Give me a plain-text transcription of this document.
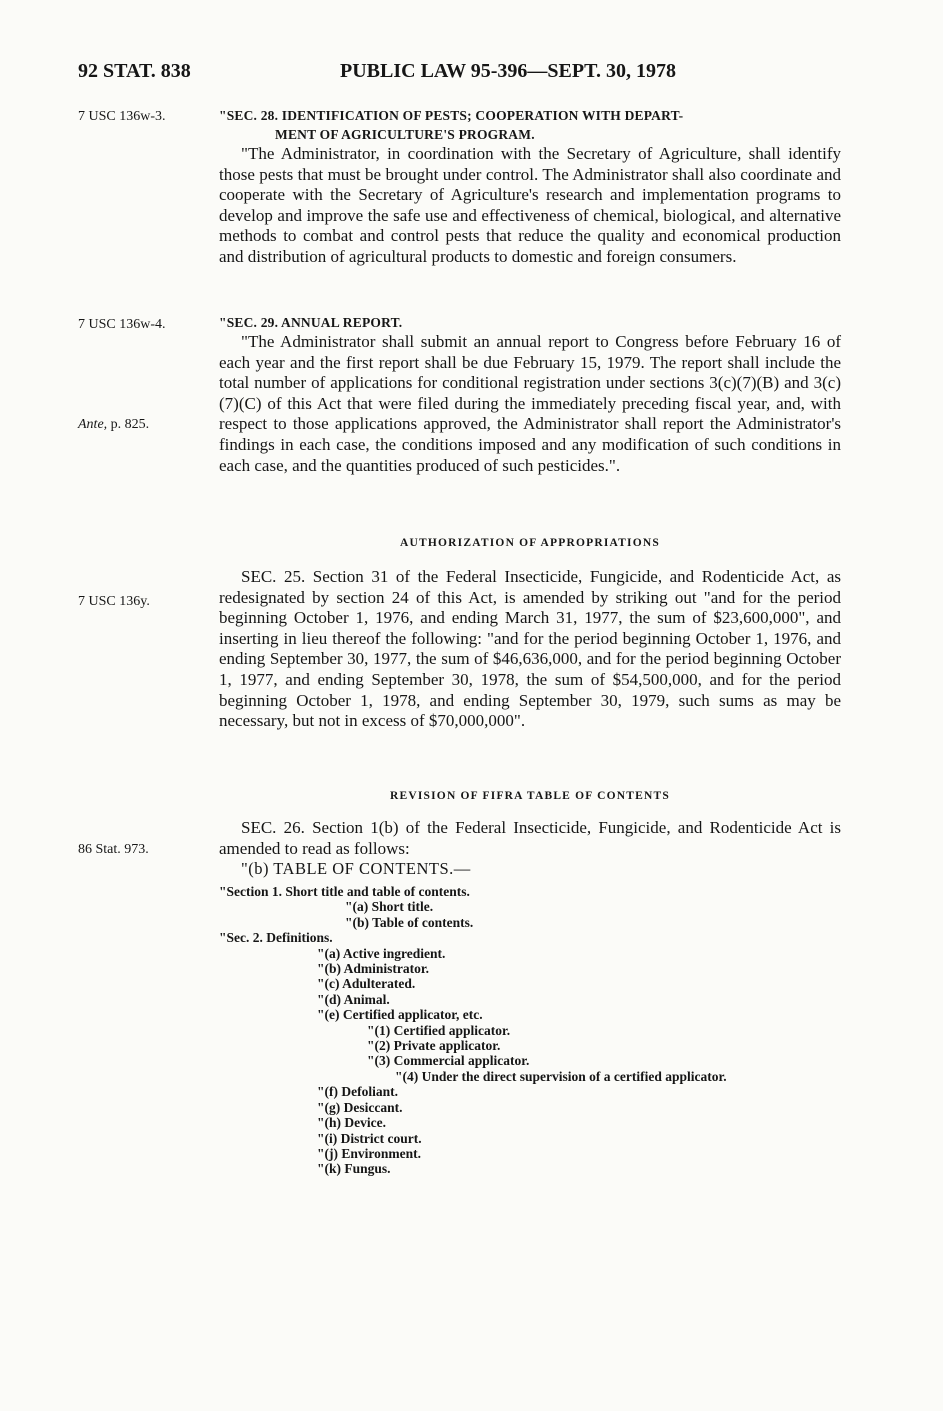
92 STAT. 838	PUBLIC LAW 95-396—SEPT. 30, 1978
7 USC 136w-3.
7 USC 136w-4.
Ante, p. 825.
7 USC 136y.
86 Stat. 973.
"SEC. 28. IDENTIFICATION OF PESTS; COOPERATION WITH DEPART-
MENT OF AGRICULTURE'S PROGRAM.

"The Administrator, in coordination with the Secretary of Agriculture, shall identify those pests that must be brought under control. The Administrator shall also coordinate and cooperate with the Secretary of Agriculture's research and implementation programs to develop and improve the safe use and effectiveness of chemical, biological, and alternative methods to combat and control pests that reduce the quality and economical production and distribution of agricultural products to domestic and foreign consumers.

"SEC. 29. ANNUAL REPORT.

"The Administrator shall submit an annual report to Congress before February 16 of each year and the first report shall be due February 15, 1979. The report shall include the total number of applications for conditional registration under sections 3(c)(7)(B) and 3(c)(7)(C) of this Act that were filed during the immediately preceding fiscal year, and, with respect to those applications approved, the Administrator shall report the Administrator's findings in each case, the conditions imposed and any modification of such conditions in each case, and the quantities produced of such pesticides.".

AUTHORIZATION OF APPROPRIATIONS

SEC. 25. Section 31 of the Federal Insecticide, Fungicide, and Rodenticide Act, as redesignated by section 24 of this Act, is amended by striking out "and for the period beginning October 1, 1976, and ending March 31, 1977, the sum of $23,600,000", and inserting in lieu thereof the following: "and for the period beginning October 1, 1976, and ending September 30, 1977, the sum of $46,636,000, and for the period beginning October 1, 1977, and ending September 30, 1978, the sum of $54,500,000, and for the period beginning October 1, 1978, and ending September 30, 1979, such sums as may be necessary, but not in excess of $70,000,000".

REVISION OF FIFRA TABLE OF CONTENTS

SEC. 26. Section 1(b) of the Federal Insecticide, Fungicide, and Rodenticide Act is amended to read as follows:

"(b) TABLE OF CONTENTS.—

"Section 1. Short title and table of contents.
"(a) Short title.
"(b) Table of contents.
"Sec. 2. Definitions.
"(a) Active ingredient.
"(b) Administrator.
"(c) Adulterated.
"(d) Animal.
"(e) Certified applicator, etc.
"(1) Certified applicator.
"(2) Private applicator.
"(3) Commercial applicator.
"(4) Under the direct supervision of a certified applicator.
"(f) Defoliant.
"(g) Desiccant.
"(h) Device.
"(i) District court.
"(j) Environment.
"(k) Fungus.
